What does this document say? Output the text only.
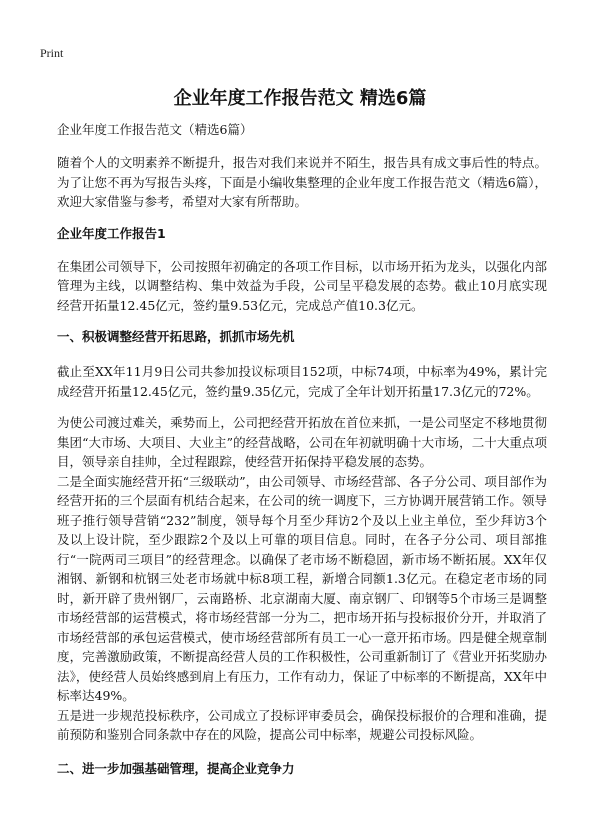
Print
企业年度工作报告范文 精选6篇
企业年度工作报告范文（精选6篇）

随着个人的文明素养不断提升，报告对我们来说并不陌生，报告具有成文事后性的特点。为了让您不再为写报告头疼，下面是小编收集整理的企业年度工作报告范文（精选6篇），欢迎大家借鉴与参考，希望对大家有所帮助。

企业年度工作报告1

在集团公司领导下，公司按照年初确定的各项工作目标，以市场开拓为龙头，以强化内部管理为主线，以调整结构、集中效益为手段，公司呈平稳发展的态势。截止10月底实现经营开拓量12.45亿元，签约量9.53亿元，完成总产值10.3亿元。

一、积极调整经营开拓思路，抓抓市场先机

截止至XX年11月9日公司共参加投议标项目152项，中标74项，中标率为49%，累计完成经营开拓量12.45亿元，签约量9.35亿元，完成了全年计划开拓量17.3亿元的72%。

为使公司渡过难关，乘势而上，公司把经营开拓放在首位来抓，一是公司坚定不移地贯彻集团“大市场、大项目、大业主”的经营战略，公司在年初就明确十大市场，二十大重点项目，领导亲自挂帅，全过程跟踪，使经营开拓保持平稳发展的态势。

二是全面实施经营开拓“三级联动”，由公司领导、市场经营部、各子分公司、项目部作为经营开拓的三个层面有机结合起来，在公司的统一调度下，三方协调开展营销工作。领导班子推行领导营销“232”制度，领导每个月至少拜访2个及以上业主单位，至少拜访3个及以上设计院，至少跟踪2个及以上可靠的项目信息。同时，在各子分公司、项目部推行“一院两司三项目”的经营理念。以确保了老市场不断稳固，新市场不断拓展。XX年仅湘钢、新钢和杭钢三处老市场就中标8项工程，新增合同额1.3亿元。在稳定老市场的同时，新开辟了贵州钢厂，云南路桥、北京湖南大厦、南京钢厂、印钢等5个市场三是调整市场经营部的运营模式，将市场经营部一分为二，把市场开拓与投标报价分开，并取消了市场经营部的承包运营模式，使市场经营部所有员工一心一意开拓市场。四是健全规章制度，完善激励政策，不断提高经营人员的工作积极性，公司重新制订了《营业开拓奖励办法》，使经营人员始终感到肩上有压力，工作有动力，保证了中标率的不断提高，XX年中标率达49%。

五是进一步规范投标秩序，公司成立了投标评审委员会，确保投标报价的合理和准确，提前预防和鉴别合同条款中存在的风险，提高公司中标率，规避公司投标风险。

二、进一步加强基础管理，提高企业竞争力
